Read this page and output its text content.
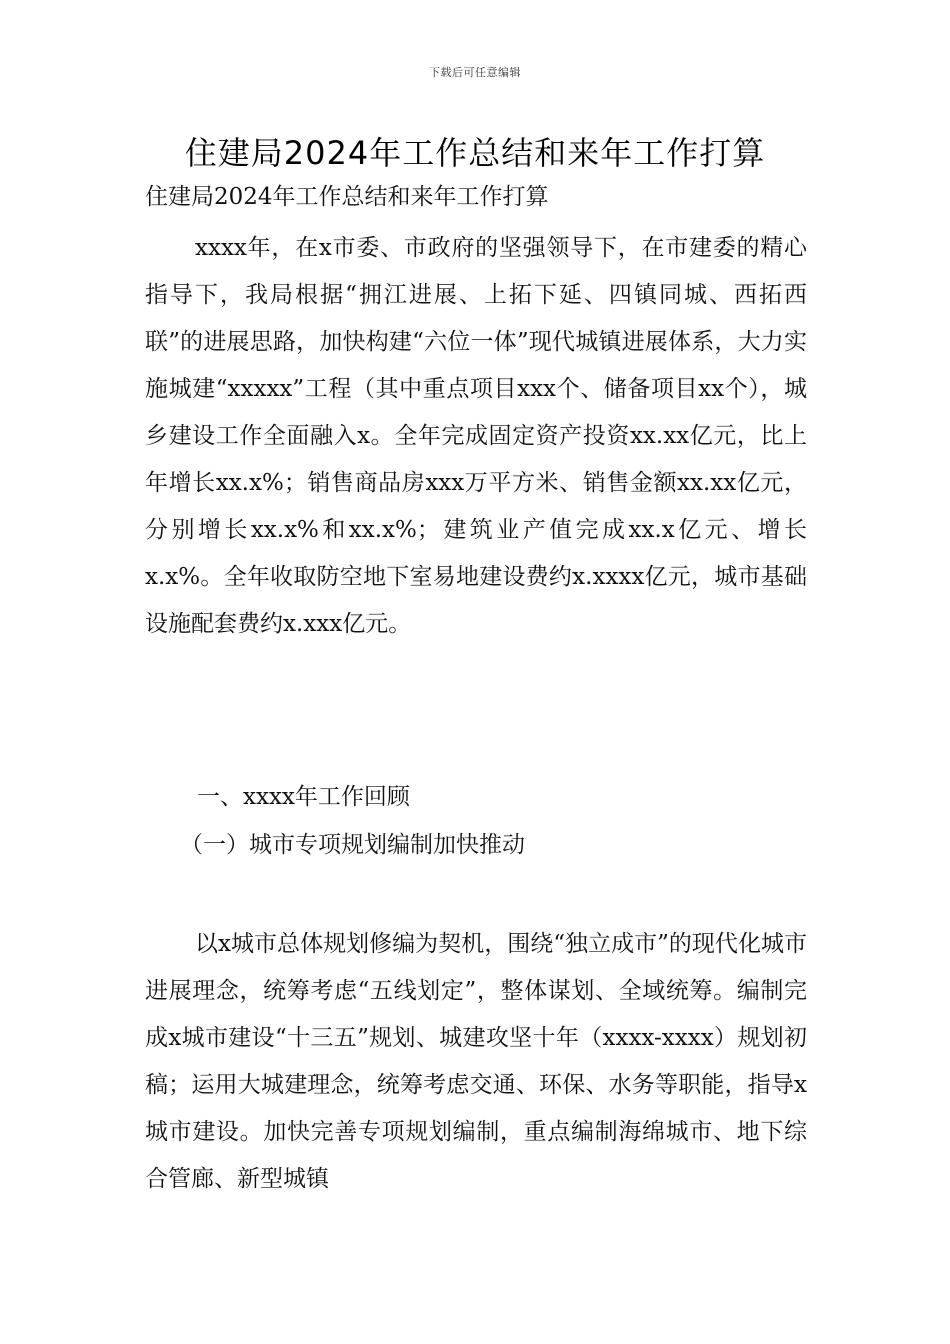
下载后可任意编辑
住建局2024年工作总结和来年工作打算
住建局2024年工作总结和来年工作打算

xxxx年，在x市委、市政府的坚强领导下，在市建委的精心指导下，我局根据“拥江进展、上拓下延、四镇同城、西拓西联”的进展思路，加快构建“六位一体”现代城镇进展体系，大力实施城建“xxxxx”工程（其中重点项目xxx个、储备项目xx个），城乡建设工作全面融入x。全年完成固定资产投资xx.xx亿元，比上年增长xx.x%；销售商品房xxx万平方米、销售金额xx.xx亿元，分别增长xx.x%和xx.x%；建筑业产值完成xx.x亿元、增长x.x%。全年收取防空地下室易地建设费约x.xxxx亿元，城市基础设施配套费约x.xxx亿元。

一、xxxx年工作回顾
（一）城市专项规划编制加快推动

以x城市总体规划修编为契机，围绕“独立成市”的现代化城市进展理念，统筹考虑“五线划定”，整体谋划、全域统筹。编制完成x城市建设“十三五”规划、城建攻坚十年（xxxx-xxxx）规划初稿；运用大城建理念，统筹考虑交通、环保、水务等职能，指导x城市建设。加快完善专项规划编制，重点编制海绵城市、地下综合管廊、新型城镇
